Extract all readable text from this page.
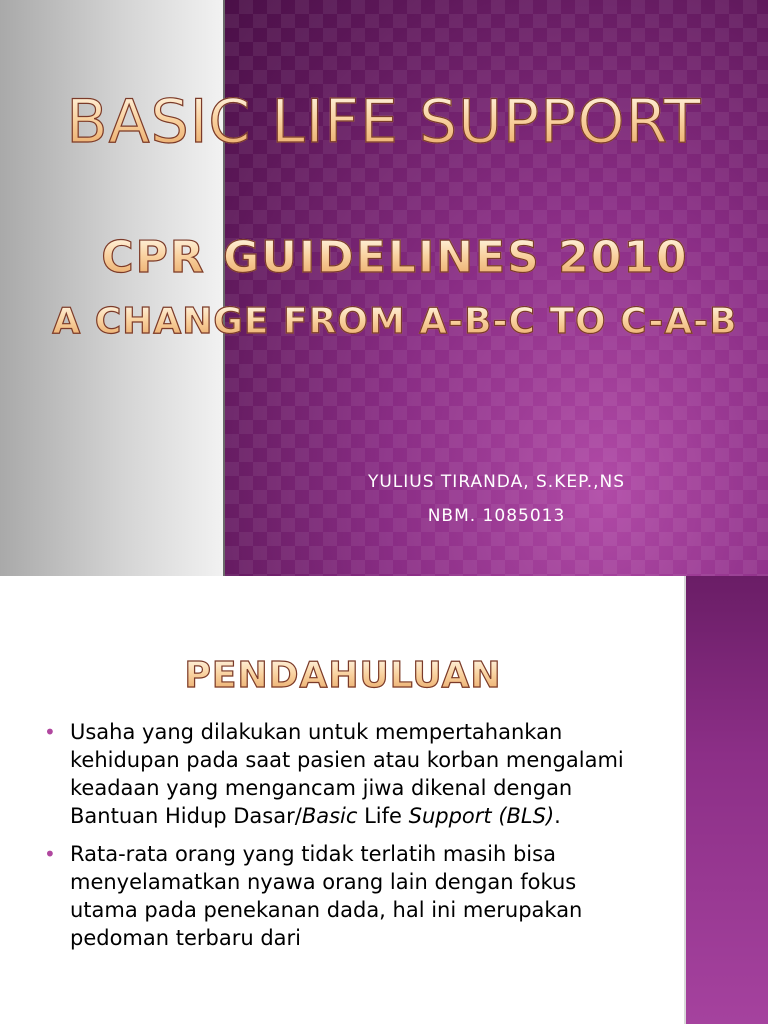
BASIC LIFE SUPPORT
CPR GUIDELINES 2010
A CHANGE FROM A-B-C TO C-A-B
YULIUS TIRANDA, S.KEP.,NS
NBM. 1085013
PENDAHULUAN
• Usaha yang dilakukan untuk mempertahankan kehidupan pada saat pasien atau korban mengalami keadaan yang mengancam jiwa dikenal dengan Bantuan Hidup Dasar/Basic Life Support (BLS).
• Rata-rata orang yang tidak terlatih masih bisa menyelamatkan nyawa orang lain dengan fokus utama pada penekanan dada, hal ini merupakan pedoman terbaru dari
